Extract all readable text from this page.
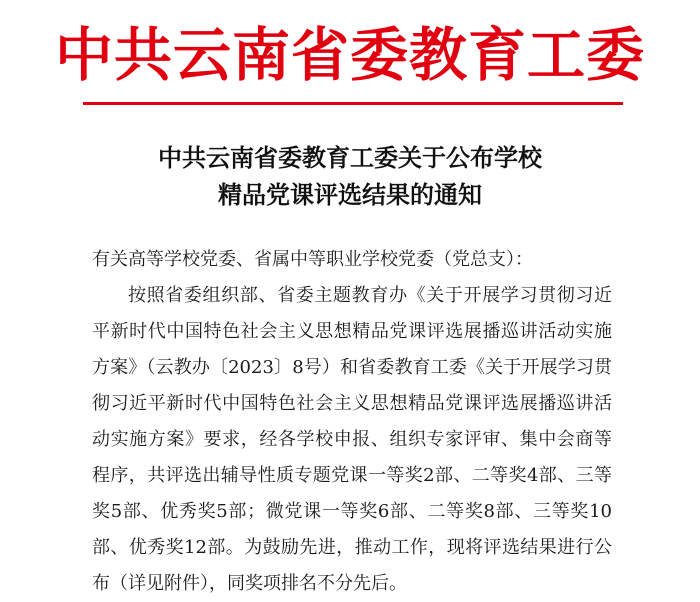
中共云南省委教育工委
中共云南省委教育工委关于公布学校
精品党课评选结果的通知
有关高等学校党委、省属中等职业学校党委（党总支）：
按照省委组织部、省委主题教育办《关于开展学习贯彻习近平新时代中国特色社会主义思想精品党课评选展播巡讲活动实施方案》（云教办〔2023〕8号）和省委教育工委《关于开展学习贯彻习近平新时代中国特色社会主义思想精品党课评选展播巡讲活动实施方案》要求，经各学校申报、组织专家评审、集中会商等程序，共评选出辅导性质专题党课一等奖2部、二等奖4部、三等奖5部、优秀奖5部；微党课一等奖6部、二等奖8部、三等奖10部、优秀奖12部。为鼓励先进，推动工作，现将评选结果进行公布（详见附件），同奖项排名不分先后。
